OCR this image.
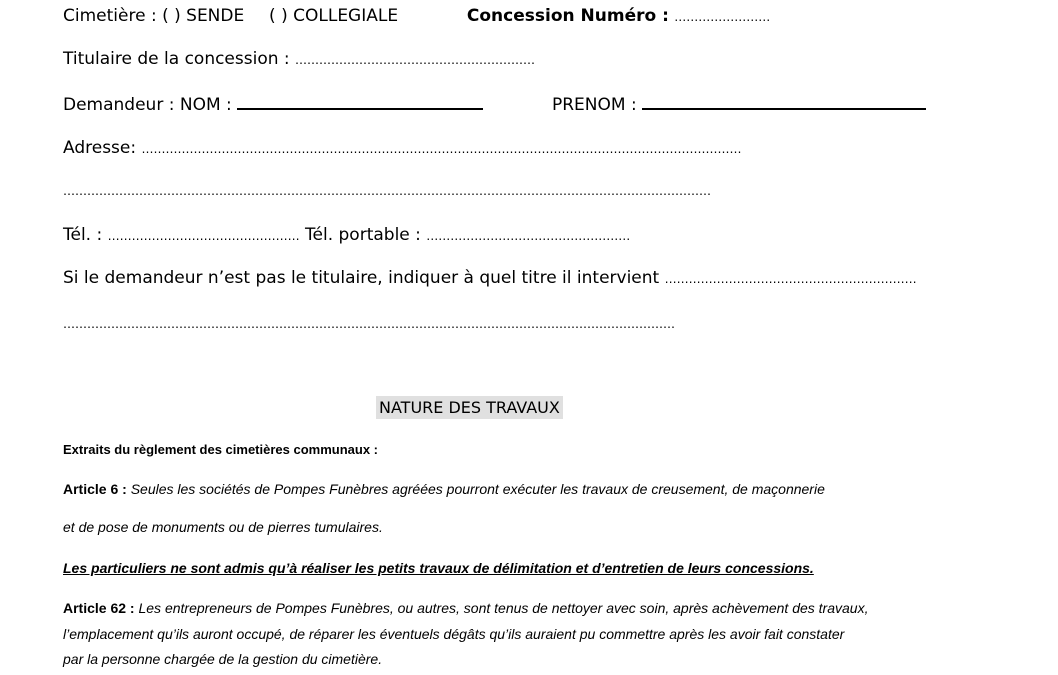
Cimetière : ( ) SENDE ( ) COLLEGIALE	Concession Numéro : ……………………
Titulaire de la concession : ……………………………………………………
Demandeur : NOM :	PRENOM :
Adresse: ……………………………………………………………………………………………………………………………………
………………………………………………………………………………………………………………………………………………
Tél. : ………………………………………… Tél. portable : ……………………………………………
Si le demandeur n’est pas le titulaire, indiquer à quel titre il intervient ………………………………………………………
………………………………………………………………………………………………………………………………………
NATURE DES TRAVAUX
Extraits du règlement des cimetières communaux :
Article 6 : Seules les sociétés de Pompes Funèbres agréées pourront exécuter les travaux de creusement, de maçonnerie
et de pose de monuments ou de pierres tumulaires.
Les particuliers ne sont admis qu’à réaliser les petits travaux de délimitation et d’entretien de leurs concessions.
Article 62 : Les entrepreneurs de Pompes Funèbres, ou autres, sont tenus de nettoyer avec soin, après achèvement des travaux,
l’emplacement qu’ils auront occupé, de réparer les éventuels dégâts qu’ils auraient pu commettre après les avoir fait constater
par la personne chargée de la gestion du cimetière.
